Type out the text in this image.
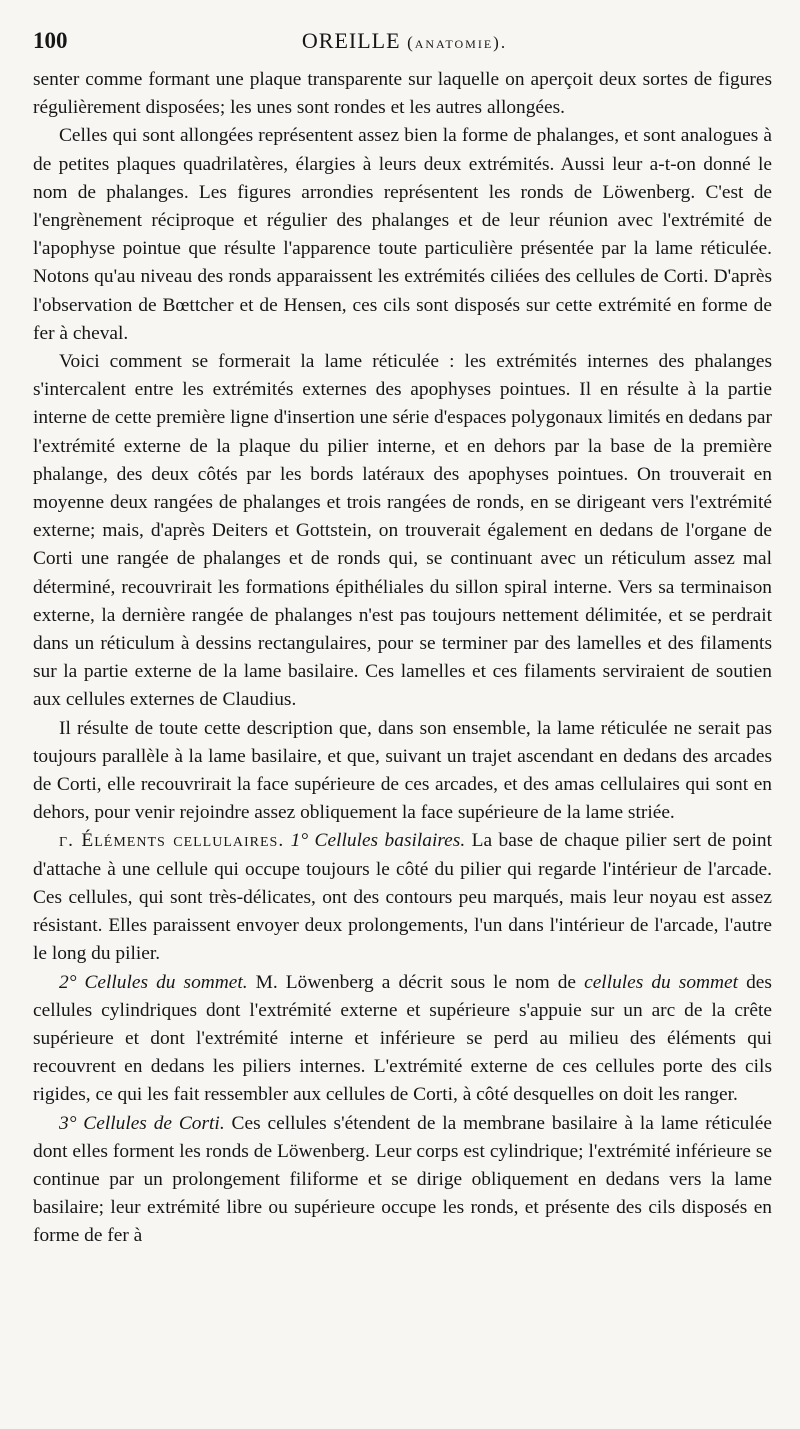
100	OREILLE (anatomie).

senter comme formant une plaque transparente sur laquelle on aperçoit deux sortes de figures régulièrement disposées; les unes sont rondes et les autres allongées.

Celles qui sont allongées représentent assez bien la forme de phalanges, et sont analogues à de petites plaques quadrilatères, élargies à leurs deux extrémités. Aussi leur a-t-on donné le nom de phalanges. Les figures arrondies représentent les ronds de Löwenberg. C'est de l'engrènement réciproque et régulier des phalanges et de leur réunion avec l'extrémité de l'apophyse pointue que résulte l'apparence toute particulière présentée par la lame réticulée. Notons qu'au niveau des ronds apparaissent les extrémités ciliées des cellules de Corti. D'après l'observation de Bœttcher et de Hensen, ces cils sont disposés sur cette extrémité en forme de fer à cheval.

Voici comment se formerait la lame réticulée : les extrémités internes des phalanges s'intercalent entre les extrémités externes des apophyses pointues. Il en résulte à la partie interne de cette première ligne d'insertion une série d'espaces polygonaux limités en dedans par l'extrémité externe de la plaque du pilier interne, et en dehors par la base de la première phalange, des deux côtés par les bords latéraux des apophyses pointues. On trouverait en moyenne deux rangées de phalanges et trois rangées de ronds, en se dirigeant vers l'extrémité externe; mais, d'après Deiters et Gottstein, on trouverait également en dedans de l'organe de Corti une rangée de phalanges et de ronds qui, se continuant avec un réticulum assez mal déterminé, recouvrirait les formations épithéliales du sillon spiral interne. Vers sa terminaison externe, la dernière rangée de phalanges n'est pas toujours nettement délimitée, et se perdrait dans un réticulum à dessins rectangulaires, pour se terminer par des lamelles et des filaments sur la partie externe de la lame basilaire. Ces lamelles et ces filaments serviraient de soutien aux cellules externes de Claudius.

Il résulte de toute cette description que, dans son ensemble, la lame réticulée ne serait pas toujours parallèle à la lame basilaire, et que, suivant un trajet ascendant en dedans des arcades de Corti, elle recouvrirait la face supérieure de ces arcades, et des amas cellulaires qui sont en dehors, pour venir rejoindre assez obliquement la face supérieure de la lame striée.

γ. Éléments cellulaires. 1° Cellules basilaires. La base de chaque pilier sert de point d'attache à une cellule qui occupe toujours le côté du pilier qui regarde l'intérieur de l'arcade. Ces cellules, qui sont très-délicates, ont des contours peu marqués, mais leur noyau est assez résistant. Elles paraissent envoyer deux prolongements, l'un dans l'intérieur de l'arcade, l'autre le long du pilier.

2° Cellules du sommet. M. Löwenberg a décrit sous le nom de cellules du sommet des cellules cylindriques dont l'extrémité externe et supérieure s'appuie sur un arc de la crête supérieure et dont l'extrémité interne et inférieure se perd au milieu des éléments qui recouvrent en dedans les piliers internes. L'extrémité externe de ces cellules porte des cils rigides, ce qui les fait ressembler aux cellules de Corti, à côté desquelles on doit les ranger.

3° Cellules de Corti. Ces cellules s'étendent de la membrane basilaire à la lame réticulée dont elles forment les ronds de Löwenberg. Leur corps est cylindrique; l'extrémité inférieure se continue par un prolongement filiforme et se dirige obliquement en dedans vers la lame basilaire; leur extrémité libre ou supérieure occupe les ronds, et présente des cils disposés en forme de fer à
